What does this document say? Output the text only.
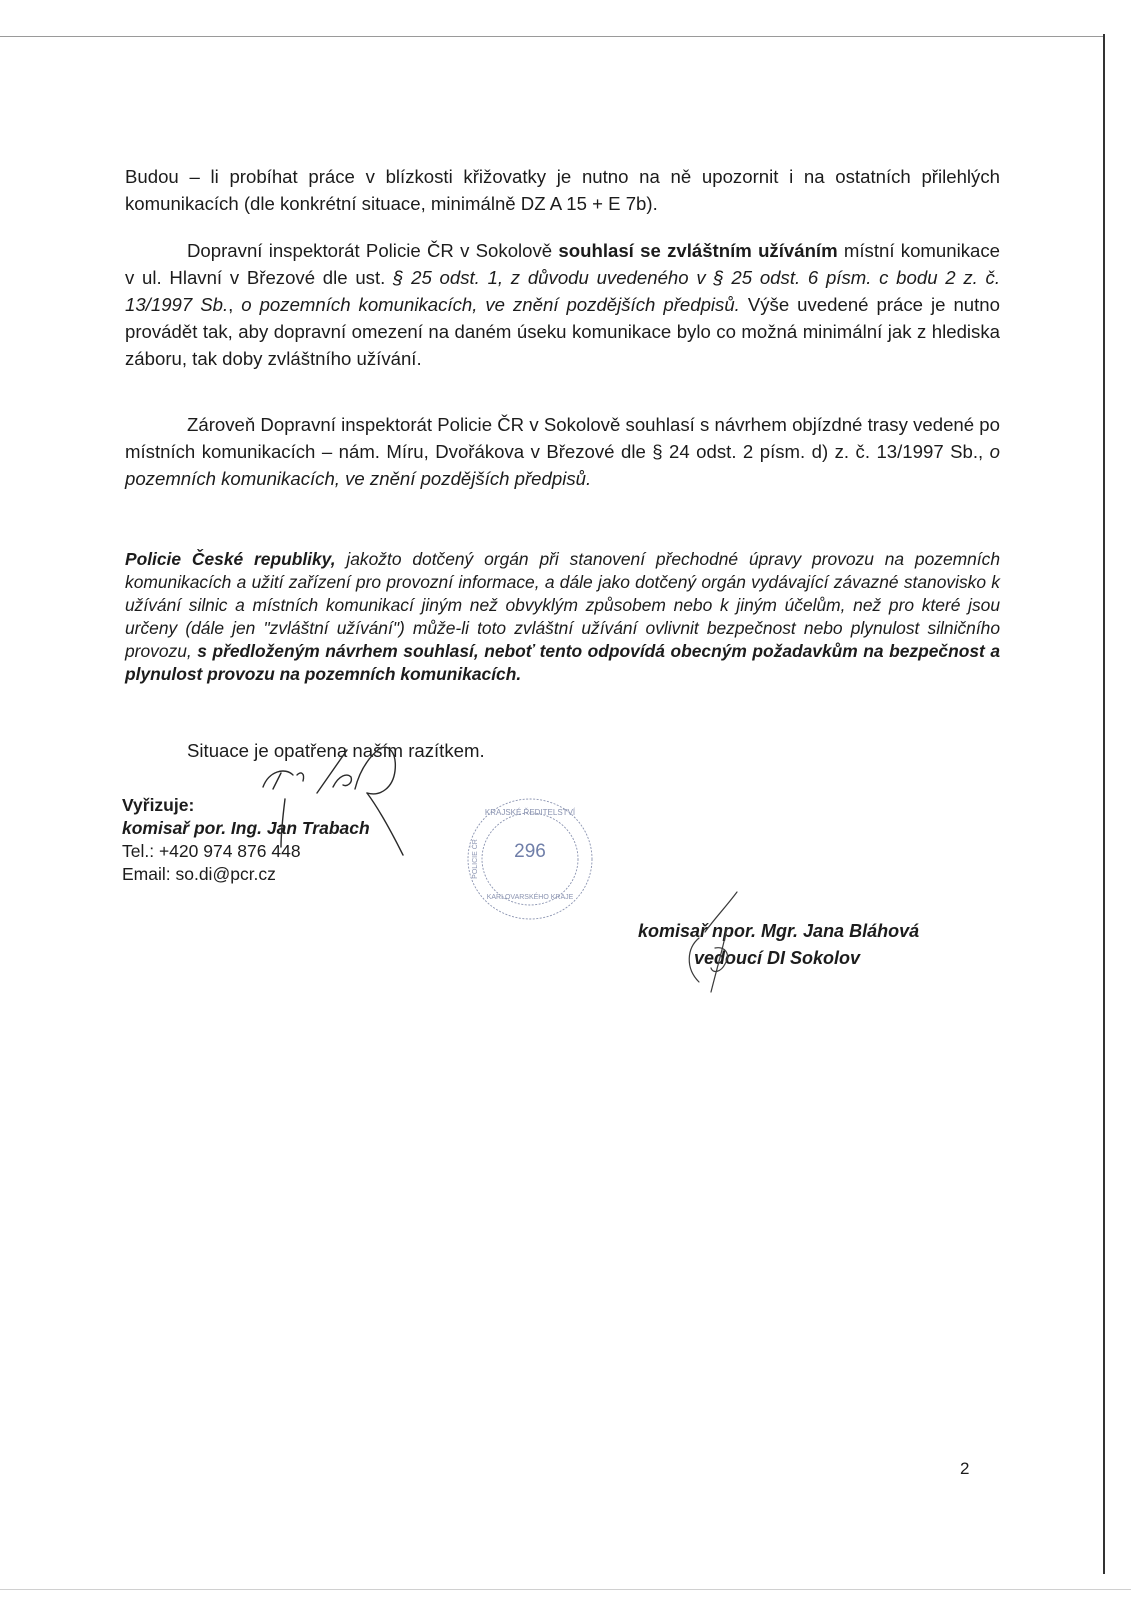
Budou – li probíhat práce v blízkosti křižovatky je nutno na ně upozornit i na ostatních přilehlých komunikacích (dle konkrétní situace, minimálně DZ A 15 + E 7b).

Dopravní inspektorát Policie ČR v Sokolově souhlasí se zvláštním užíváním místní komunikace v ul. Hlavní v Březové dle ust. § 25 odst. 1, z důvodu uvedeného v § 25 odst. 6 písm. c bodu 2 z. č. 13/1997 Sb., o pozemních komunikacích, ve znění pozdějších předpisů. Výše uvedené práce je nutno provádět tak, aby dopravní omezení na daném úseku komunikace bylo co možná minimální jak z hlediska záboru, tak doby zvláštního užívání.

Zároveň Dopravní inspektorát Policie ČR v Sokolově souhlasí s návrhem objízdné trasy vedené po místních komunikacích – nám. Míru, Dvořákova v Březové dle § 24 odst. 2 písm. d) z. č. 13/1997 Sb., o pozemních komunikacích, ve znění pozdějších předpisů.

Policie České republiky, jakožto dotčený orgán při stanovení přechodné úpravy provozu na pozemních komunikacích a užití zařízení pro provozní informace, a dále jako dotčený orgán vydávající závazné stanovisko k užívání silnic a místních komunikací jiným než obvyklým způsobem nebo k jiným účelům, než pro které jsou určeny (dále jen "zvláštní užívání") může-li toto zvláštní užívání ovlivnit bezpečnost nebo plynulost silničního provozu, s předloženým návrhem souhlasí, neboť tento odpovídá obecným požadavkům na bezpečnost a plynulost provozu na pozemních komunikacích.

Situace je opatřena naším razítkem.

Vyřizuje:
komisař por. Ing. Jan Trabach
Tel.: +420 974 876 448
Email: so.di@pcr.cz
KRAJSKÉ ŘEDITELSTVÍ
POLICIE ČR 296
KARLOVARSKÉHO KRAJE
komisař npor. Mgr. Jana Bláhová
vedoucí DI Sokolov
2
